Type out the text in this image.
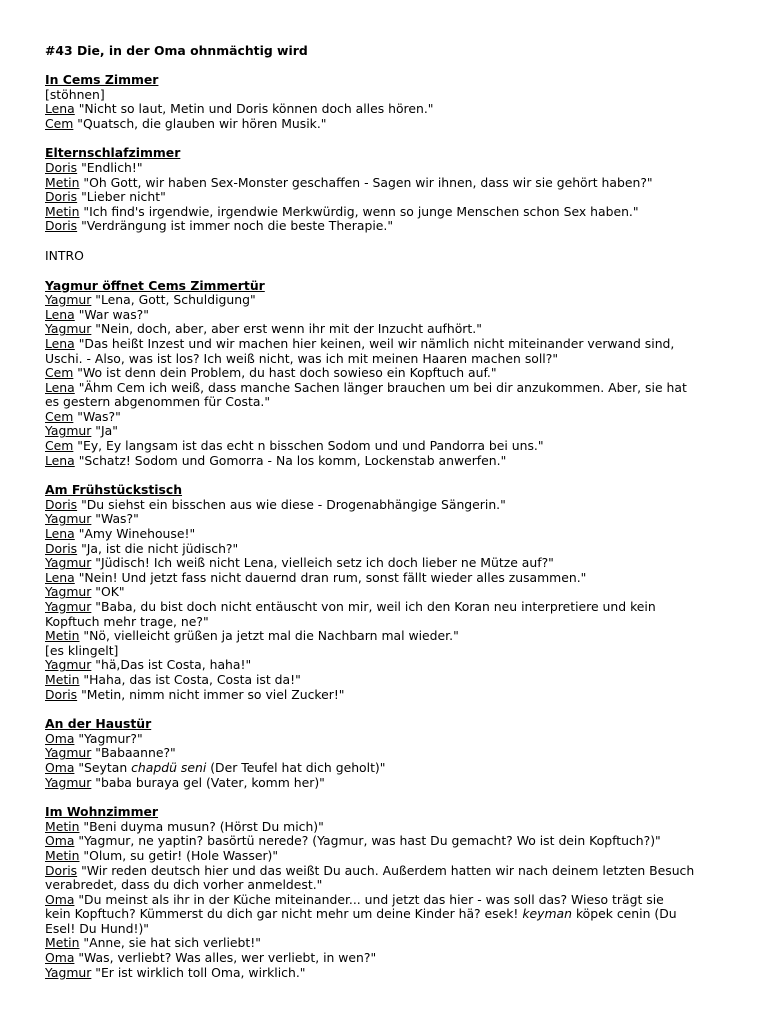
#43 Die, in der Oma ohnmächtig wird
In Cems Zimmer
[stöhnen]
Lena "Nicht so laut, Metin und Doris können doch alles hören."
Cem "Quatsch, die glauben wir hören Musik."
Elternschlafzimmer
Doris "Endlich!"
Metin "Oh Gott, wir haben Sex-Monster geschaffen - Sagen wir ihnen, dass wir sie gehört haben?"
Doris "Lieber nicht"
Metin "Ich find's irgendwie, irgendwie Merkwürdig, wenn so junge Menschen schon Sex haben."
Doris "Verdrängung ist immer noch die beste Therapie."
INTRO
Yagmur öffnet Cems Zimmertür
Yagmur "Lena, Gott, Schuldigung"
Lena "War was?"
Yagmur "Nein, doch, aber, aber erst wenn ihr mit der Inzucht aufhört."
Lena "Das heißt Inzest und wir machen hier keinen, weil wir nämlich nicht miteinander verwand sind,
Uschi. - Also, was ist los? Ich weiß nicht, was ich mit meinen Haaren machen soll?"
Cem "Wo ist denn dein Problem, du hast doch sowieso ein Kopftuch auf."
Lena "Ähm Cem ich weiß, dass manche Sachen länger brauchen um bei dir anzukommen. Aber, sie hat
es gestern abgenommen für Costa."
Cem "Was?"
Yagmur "Ja"
Cem "Ey, Ey langsam ist das echt n bisschen Sodom und und Pandorra bei uns."
Lena "Schatz! Sodom und Gomorra - Na los komm, Lockenstab anwerfen."
Am Frühstückstisch
Doris "Du siehst ein bisschen aus wie diese - Drogenabhängige Sängerin."
Yagmur "Was?"
Lena "Amy Winehouse!"
Doris "Ja, ist die nicht jüdisch?"
Yagmur "Jüdisch! Ich weiß nicht Lena, vielleich setz ich doch lieber ne Mütze auf?"
Lena "Nein! Und jetzt fass nicht dauernd dran rum, sonst fällt wieder alles zusammen."
Yagmur "OK"
Yagmur "Baba, du bist doch nicht entäuscht von mir, weil ich den Koran neu interpretiere und kein
Kopftuch mehr trage, ne?"
Metin "Nö, vielleicht grüßen ja jetzt mal die Nachbarn mal wieder."
[es klingelt]
Yagmur "hä,Das ist Costa, haha!"
Metin "Haha, das ist Costa, Costa ist da!"
Doris "Metin, nimm nicht immer so viel Zucker!"
An der Haustür
Oma "Yagmur?"
Yagmur "Babaanne?"
Oma "Seytan chapdü seni (Der Teufel hat dich geholt)"
Yagmur "baba buraya gel (Vater, komm her)"
Im Wohnzimmer
Metin "Beni duyma musun? (Hörst Du mich)"
Oma "Yagmur, ne yaptin? basörtü nerede? (Yagmur, was hast Du gemacht? Wo ist dein Kopftuch?)"
Metin "Olum, su getir! (Hole Wasser)"
Doris "Wir reden deutsch hier und das weißt Du auch. Außerdem hatten wir nach deinem letzten Besuch
verabredet, dass du dich vorher anmeldest."
Oma "Du meinst als ihr in der Küche miteinander... und jetzt das hier - was soll das? Wieso trägt sie
kein Kopftuch? Kümmerst du dich gar nicht mehr um deine Kinder hä? esek! keyman köpek cenin (Du
Esel! Du Hund!)"
Metin "Anne, sie hat sich verliebt!"
Oma "Was, verliebt? Was alles, wer verliebt, in wen?"
Yagmur "Er ist wirklich toll Oma, wirklich."
